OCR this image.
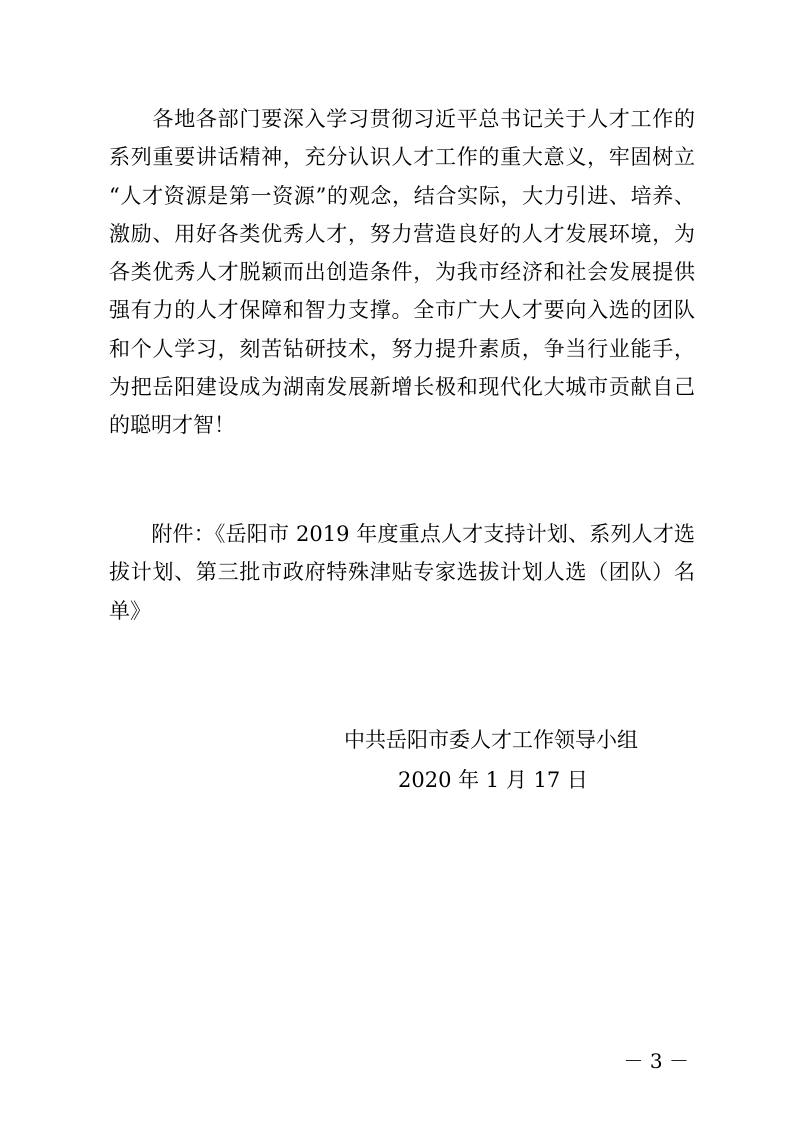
　　各地各部门要深入学习贯彻习近平总书记关于人才工作的
系列重要讲话精神，充分认识人才工作的重大意义，牢固树立
“人才资源是第一资源”的观念，结合实际，大力引进、培养、
激励、用好各类优秀人才，努力营造良好的人才发展环境，为
各类优秀人才脱颖而出创造条件，为我市经济和社会发展提供
强有力的人才保障和智力支撑。全市广大人才要向入选的团队
和个人学习，刻苦钻研技术，努力提升素质，争当行业能手，
为把岳阳建设成为湖南发展新增长极和现代化大城市贡献自己
的聪明才智！
　　附件：《岳阳市 2019 年度重点人才支持计划、系列人才选
拔计划、第三批市政府特殊津贴专家选拔计划人选（团队）名
单》
中共岳阳市委人才工作领导小组
2020 年 1 月 17 日
－ 3 －
